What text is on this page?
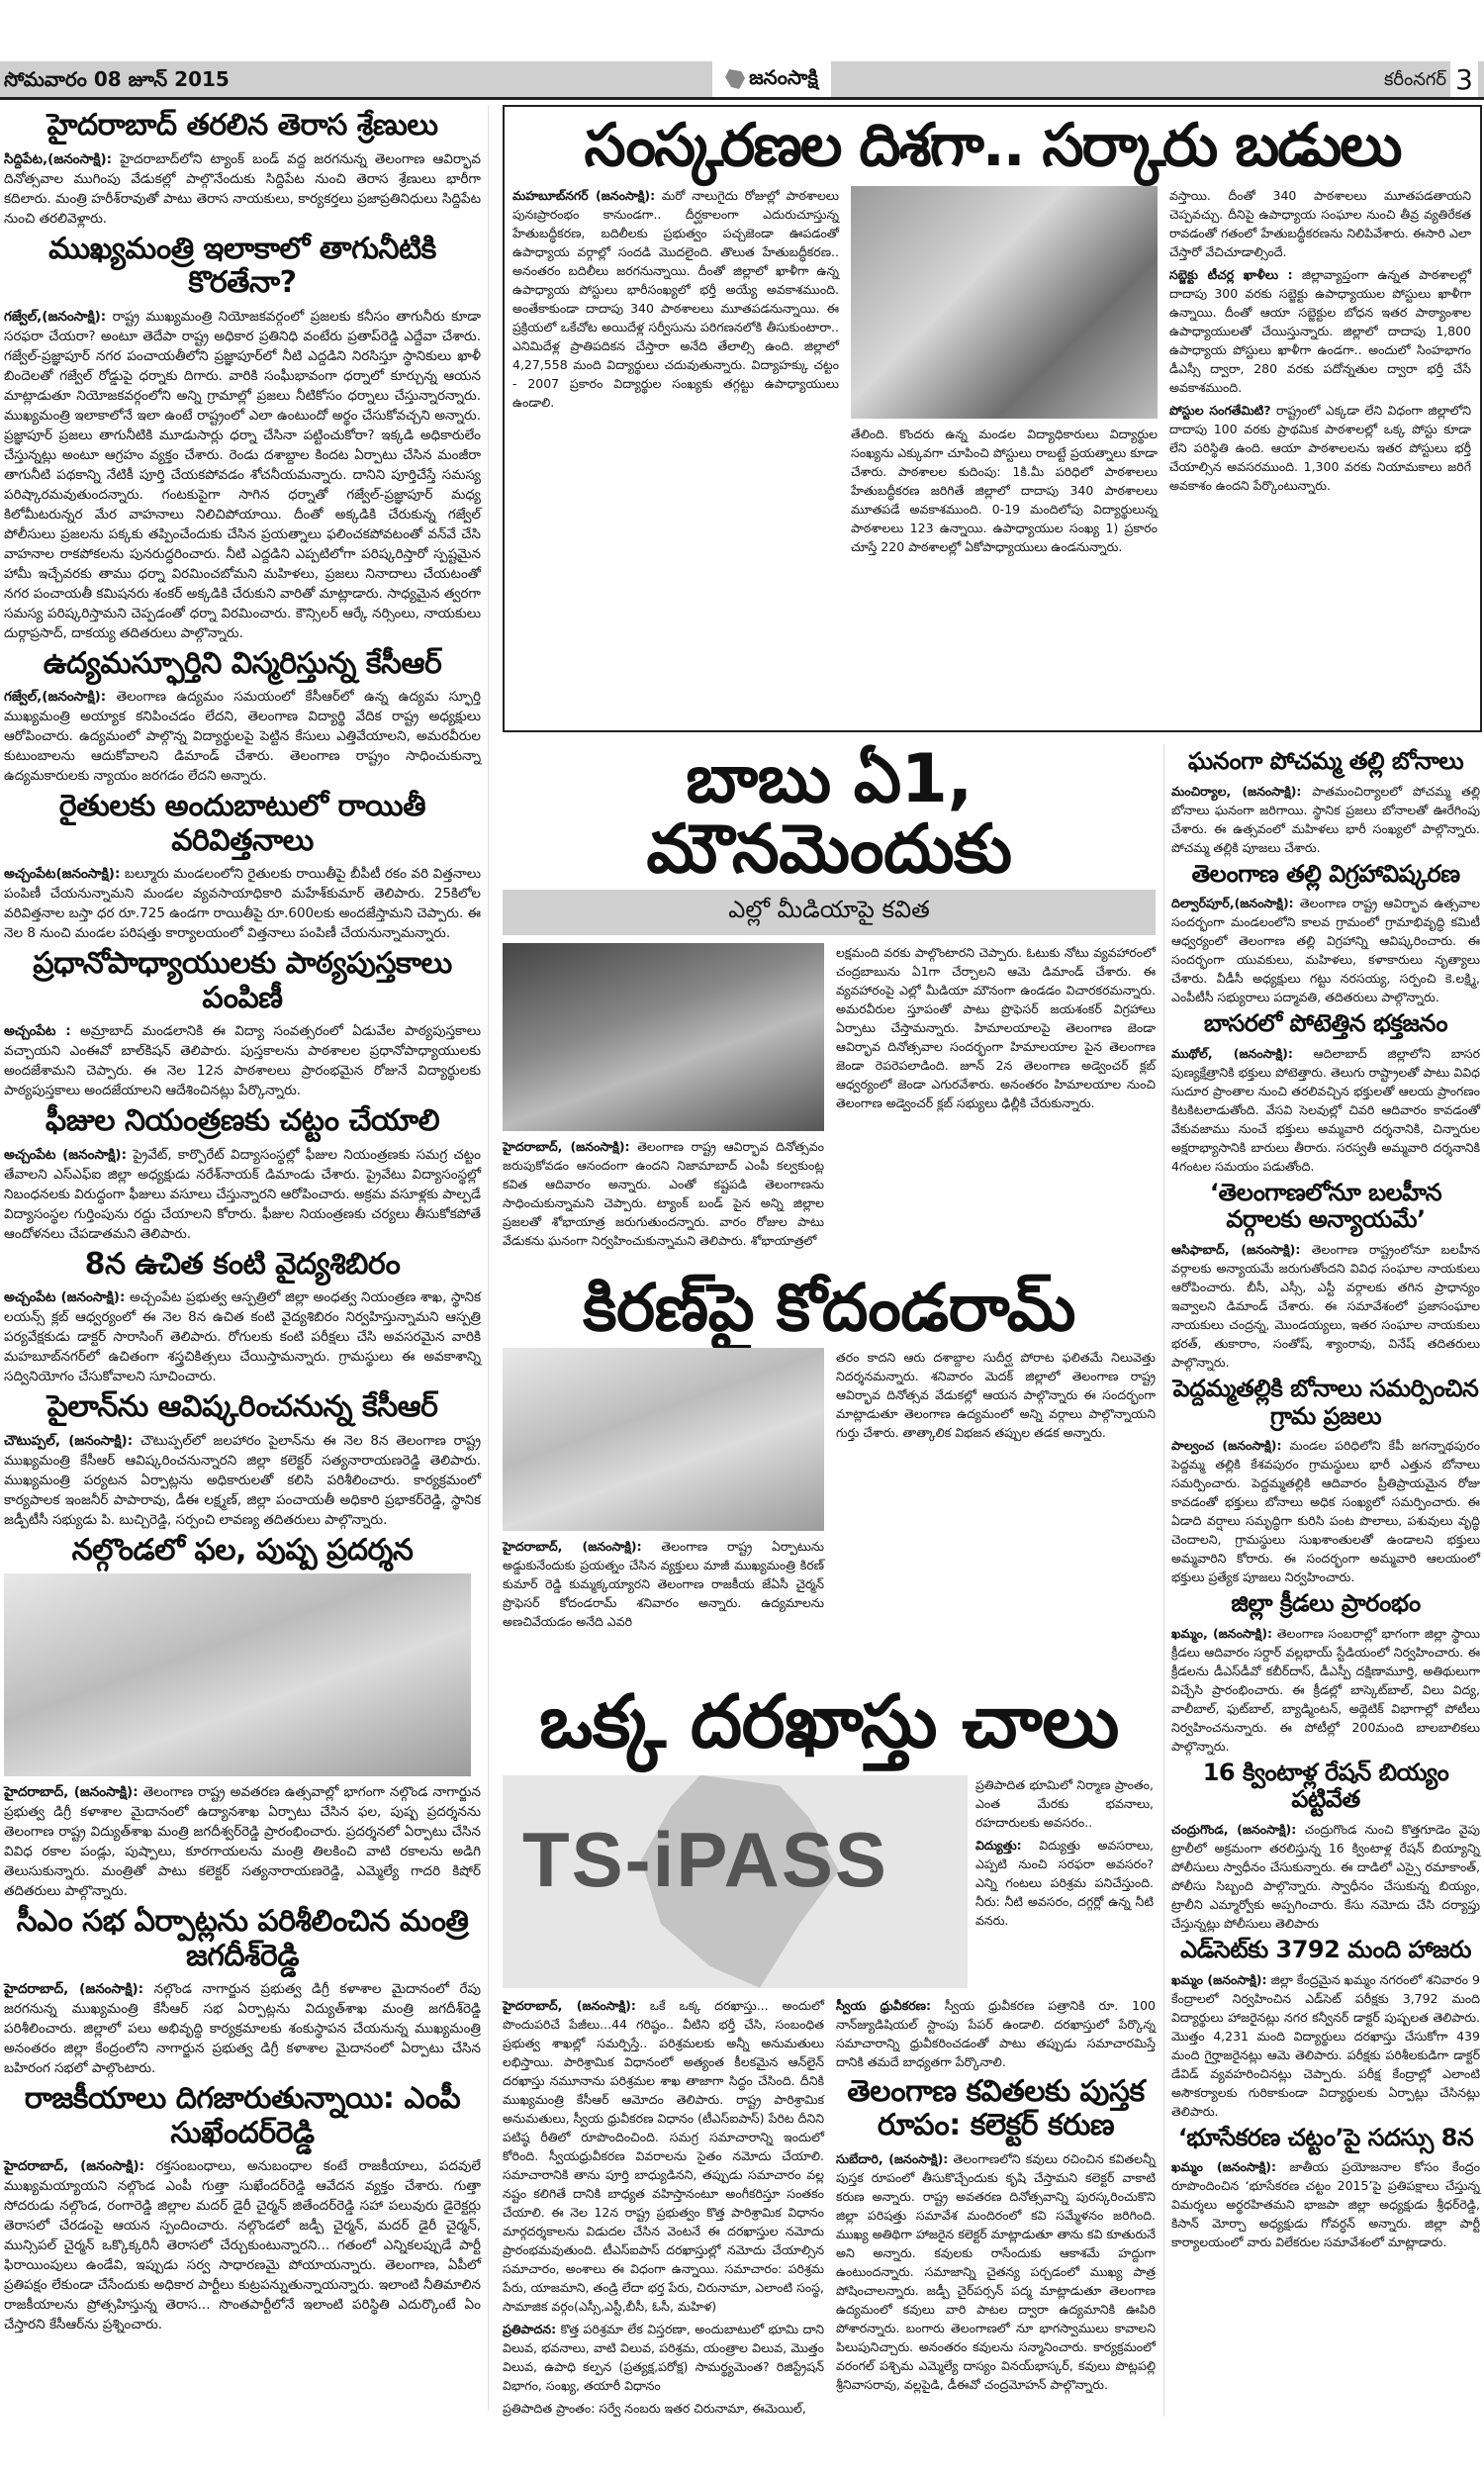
సోమవారం 08 జూన్ 2015	జనంసాక్షి	కరీంనగర్ 3
హైదరాబాద్ తరలిన తెరాస శ్రేణులు

సిద్దిపేట,(జనంసాక్షి): హైదరాబాద్‌లోని ట్యాంక్ బండ్ వద్ద జరగనున్న తెలంగాణ ఆవిర్భావ దినోత్సవాల ముగింపు వేడుకల్లో పాల్గొనేందుకు సిద్దిపేట నుంచి తెరాస శ్రేణులు భారీగా కదిలారు. మంత్రి హరీశ్‌రావుతో పాటు తెరాస నాయకులు, కార్యకర్తలు ప్రజాప్రతినిధులు సిద్దిపేట నుంచి తరలివెళ్లారు.

ముఖ్యమంత్రి ఇలాకాలో తాగునీటికి కొరతేనా?

గజ్వేల్,(జనంసాక్షి): రాష్ట్ర ముఖ్యమంత్రి నియోజకవర్గంలో ప్రజలకు కనీసం తాగునీరు కూడా సరఫరా చేయరా? అంటూ తెదేపా రాష్ట్ర అధికార ప్రతినిధి వంటేరు ప్రతాప్‌రెడ్డి ఎద్దేవా చేశారు. గజ్వేల్-ప్రజ్ఞాపూర్ నగర పంచాయతీలోని ప్రజ్ఞాపూర్‌లో నీటి ఎద్దడిని నిరసిస్తూ స్థానికులు ఖాళీ బిందెలతో గజ్వేల్ రోడ్డుపై ధర్నాకు దిగారు. వారికి సంఘీభావంగా ధర్నాలో కూర్చున్న ఆయన మాట్లాడుతూ నియోజకవర్గంలోని అన్ని గ్రామాల్లో ప్రజలు నీటికోసం ధర్నాలు చేస్తున్నారన్నారు. ముఖ్యమంత్రి ఇలాకాలోనే ఇలా ఉంటే రాష్ట్రంలో ఎలా ఉంటుందో అర్థం చేసుకోవచ్చని అన్నారు. ప్రజ్ఞాపూర్ ప్రజలు తాగునీటికి మూడుసార్లు ధర్నా చేసినా పట్టించుకోరా? ఇక్కడి అధికారులేం చేస్తున్నట్లు అంటూ ఆగ్రహం వ్యక్తం చేశారు. రెండు దశాబ్దాల కిందట ఏర్పాటు చేసిన మంజీరా తాగునీటి పథకాన్ని నేటికీ పూర్తి చేయకపోవడం శోచనీయమన్నారు. దానిని పూర్తిచేస్తే సమస్య పరిష్కారమవుతుందన్నారు. గంటకుపైగా సాగిన ధర్నాతో గజ్వేల్-ప్రజ్ఞాపూర్ మధ్య కిలోమీటరున్నర మేర వాహనాలు నిలిచిపోయాయి. దీంతో అక్కడికి చేరుకున్న గజ్వేల్ పోలీసులు ప్రజలను పక్కకు తప్పించేందుకు చేసిన ప్రయత్నాలు ఫలించకపోవటంతో వన్‌వే చేసి వాహనాల రాకపోకలను పునరుద్ధరించారు. నీటి ఎద్దడిని ఎప్పటిలోగా పరిష్కరిస్తారో స్పష్టమైన హామీ ఇచ్చేవరకు తాము ధర్నా విరమించబోమని మహిళలు, ప్రజలు నినాదాలు చేయటంతో నగర పంచాయతీ కమిషనరు శంకర్ అక్కడికి చేరుకుని వారితో మాట్లాడారు. సాధ్యమైన త్వరగా సమస్య పరిష్కరిస్తామని చెప్పడంతో ధర్నా విరమించారు. కౌన్సిలర్ ఆర్కే నర్సింలు, నాయకులు దుర్గాప్రసాద్, దాకయ్య తదితరులు పాల్గొన్నారు.

ఉద్యమస్ఫూర్తిని విస్మరిస్తున్న కేసీఆర్

గజ్వేల్,(జనంసాక్షి): తెలంగాణ ఉద్యమం సమయంలో కేసీఆర్‌లో ఉన్న ఉద్యమ స్ఫూర్తి ముఖ్యమంత్రి అయ్యాక కనిపించడం లేదని, తెలంగాణ విద్యార్థి వేదిక రాష్ట్ర అధ్యక్షులు ఆరోపించారు. ఉద్యమంలో పాల్గొన్న విద్యార్థులపై పెట్టిన కేసులు ఎత్తివేయాలని, అమరవీరుల కుటుంబాలను ఆదుకోవాలని డిమాండ్ చేశారు. తెలంగాణ రాష్ట్రం సాధించుకున్నా ఉద్యమకారులకు న్యాయం జరగడం లేదని అన్నారు.

రైతులకు అందుబాటులో రాయితీ వరివిత్తనాలు

అచ్చంపేట(జనంసాక్షి): బల్మూరు మండలంలోని రైతులకు రాయితీపై బీపీటీ రకం వరి విత్తనాలు పంపిణీ చేయనున్నామని మండల వ్యవసాయాధికారి మహేశ్‌కుమార్ తెలిపారు. 25కిలోల వరివిత్తనాల బస్తా ధర రూ.725 ఉండగా రాయితీపై రూ.600లకు అందజేస్తామని చెప్పారు. ఈ నెల 8 నుంచి మండల పరిషత్తు కార్యాలయంలో విత్తనాలు పంపిణీ చేయనున్నామన్నారు.

ప్రధానోపాధ్యాయులకు పాఠ్యపుస్తకాలు పంపిణీ

అచ్చంపేట : అమ్రాబాద్ మండలానికి ఈ విద్యా సంవత్సరంలో ఏడువేల పాఠ్యపుస్తకాలు వచ్చాయని ఎంఈవో బాల్‌కిషన్ తెలిపారు. పుస్తకాలను పాఠశాలల ప్రధానోపాధ్యాయులకు అందజేశామని చెప్పారు. ఈ నెల 12న పాఠశాలలు ప్రారంభమైన రోజునే విద్యార్థులకు పాఠ్యపుస్తకాలు అందజేయాలని ఆదేశించినట్లు పేర్కొన్నారు.

ఫీజుల నియంత్రణకు చట్టం చేయాలి

అచ్చంపేట (జనంసాక్షి): ప్రైవేట్, కార్పొరేట్ విద్యాసంస్థల్లో ఫీజుల నియంత్రణకు సమగ్ర చట్టం తేవాలని ఎస్‌ఎఫ్‌ఐ జిల్లా అధ్యక్షుడు నరేశ్‌నాయక్ డిమాండు చేశారు. ప్రైవేటు విద్యాసంస్థల్లో నిబంధనలకు విరుద్ధంగా ఫీజులు వసూలు చేస్తున్నారని ఆరోపించారు. అక్రమ వసూళ్లకు పాల్పడే విద్యాసంస్థల గుర్తింపును రద్దు చేయాలని కోరారు. ఫీజుల నియంత్రణకు చర్యలు తీసుకోకపోతే ఆందోళనలు చేపడాతమని తెలిపారు.

8న ఉచిత కంటి వైద్యశిబిరం

అచ్చంపేట (జనంసాక్షి): అచ్చంపేట ప్రభుత్వ ఆస్పత్రిలో జిల్లా అంధత్వ నియంత్రణ శాఖ, స్థానిక లయన్స్ క్లబ్ ఆధ్వర్యంలో ఈ నెల 8న ఉచిత కంటి వైద్యశిబిరం నిర్వహిస్తున్నామని ఆస్పత్రి పర్యవేక్షకుడు డాక్టర్ సారాసింగ్ తెలిపారు. రోగులకు కంటి పరీక్షలు చేసి అవసరమైన వారికి మహబూబ్‌నగర్‌లో ఉచితంగా శస్త్రచికిత్సలు చేయిస్తామన్నారు. గ్రామస్థులు ఈ అవకాశాన్ని సద్వినియోగం చేసుకోవాలని సూచించారు.

పైలాన్‌ను ఆవిష్కరించనున్న కేసీఆర్

చౌటుప్పల్, (జనంసాక్షి): చౌటుప్పల్‌లో జలహారం పైలాన్‌ను ఈ నెల 8న తెలంగాణ రాష్ట్ర ముఖ్యమంత్రి కేసీఆర్ ఆవిష్కరించనున్నారని జిల్లా కలెక్టర్ సత్యనారాయణరెడ్డి తెలిపారు. ముఖ్యమంత్రి పర్యటన ఏర్పాట్లను అధికారులతో కలిసి పరిశీలించారు. కార్యక్రమంలో కార్యపాలక ఇంజనీర్ పాపారావు, డీఈ లక్ష్మణ్, జిల్లా పంచాయతీ అధికారి ప్రభాకర్‌రెడ్డి, స్థానిక జడ్పీటీసీ సభ్యుడు పి. బుచ్చిరెడ్డి, సర్పంచి లావణ్య తదితరులు పాల్గొన్నారు.

నల్గొండలో ఫల, పుష్ప ప్రదర్శన

హైదరాబాద్, (జనంసాక్షి): తెలంగాణ రాష్ట్ర అవతరణ ఉత్సవాల్లో భాగంగా నల్గొండ నాగార్జున ప్రభుత్వ డిగ్రీ కళాశాల మైదానంలో ఉద్యానశాఖ ఏర్పాటు చేసిన ఫల, పుష్ప ప్రదర్శనను తెలంగాణ రాష్ట్ర విద్యుత్‌శాఖ మంత్రి జగదీశ్వర్‌రెడ్డి ప్రారంభించారు. ప్రదర్శనలో ఏర్పాటు చేసిన వివిధ రకాల పండ్లు, పుష్పాలు, కూరగాయలను మంత్రి తిలకించి వాటి రకాలను అడిగి తెలుసుకున్నారు. మంత్రితో పాటు కలెక్టర్ సత్యనారాయణరెడ్డి, ఎమ్మెల్యే గాదరి కిషోర్ తదితరులు పాల్గొన్నారు.

సీఎం సభ ఏర్పాట్లను పరిశీలించిన మంత్రి జగదీశ్‌రెడ్డి

హైదరాబాద్, (జనంసాక్షి): నల్గొండ నాగార్జున ప్రభుత్వ డిగ్రీ కళాశాల మైదానంలో రేపు జరగనున్న ముఖ్యమంత్రి కేసీఆర్ సభ ఏర్పాట్లను విద్యుత్‌శాఖ మంత్రి జగదీశ్‌రెడ్డి పరిశీలించారు. జిల్లాలో పలు అభివృద్ధి కార్యక్రమాలకు శంకుస్థాపన చేయనున్న ముఖ్యమంత్రి అనంతరం జిల్లా కేంద్రంలోని నాగార్జున ప్రభుత్వ డిగ్రీ కళాశాల మైదానంలో ఏర్పాటు చేసిన బహిరంగ సభలో పాల్గొంటారు.

రాజకీయాలు దిగజారుతున్నాయి: ఎంపీ సుఖేందర్‌రెడ్డి

హైదరాబాద్, (జనంసాక్షి): రక్తసంబంధాలు, అనుబంధాల కంటే రాజకీయాలు, పదవులే ముఖ్యమయ్యాయని నల్గొండ ఎంపీ గుత్తా సుఖేందర్‌రెడ్డి ఆవేదన వ్యక్తం చేశారు. గుత్తా సోదరుడు నల్గొండ, రంగారెడ్డి జిల్లాల మదర్ డైరీ చైర్మన్ జితేందర్‌రెడ్డి సహా పలువురు డైరెక్టర్లు తెరాసలో చేరడంపై ఆయన స్పందించారు. నల్గొండలో జడ్పీ చైర్మన్, మదర్ డైరీ చైర్మన్, మున్సిపల్ చైర్మన్ ఒక్కొక్కరినీ తెరాసలో చేర్చుకుంటున్నారని... గతంలో ఎన్నికలప్పుడే పార్టీ ఫిరాయింపులు ఉండేవి, ఇప్పుడు సర్వ సాధారణమై పోయాయన్నారు. తెలంగాణ, ఏపీలో ప్రతిపక్షం లేకుండా చేసేందుకు అధికార పార్టీలు కుట్రపన్నుతున్నాయన్నారు. ఇలాంటి నీతిమాలిన రాజకీయాలను ప్రోత్సహిస్తున్న తెరాస... సొంతపార్టీలోనే ఇలాంటి పరిస్థితి ఎదుర్కొంటే ఏం చేస్తారని కేసీఆర్‌ను ప్రశ్నించారు.

సంస్కరణల దిశగా.. సర్కారు బడులు

మహబూబ్‌నగర్ (జనంసాక్షి): మరో నాలుగైదు రోజుల్లో పాఠశాలలు పునఃప్రారంభం కానుండగా.. దీర్ఘకాలంగా ఎదురుచూస్తున్న హేతుబద్ధీకరణ, బదిలీలకు ప్రభుత్వం పచ్చజెండా ఊపడంతో ఉపాధ్యాయ వర్గాల్లో సందడి మొదలైంది. తొలుత హేతుబద్ధీకరణ.. అనంతరం బదిలీలు జరగనున్నాయి. దీంతో జిల్లాలో ఖాళీగా ఉన్న ఉపాధ్యాయ పోస్టులు భారీసంఖ్యలో భర్తీ అయ్యే అవకాశముంది. అంతేకాకుండా దాదాపు 340 పాఠశాలలు మూతపడనున్నాయి. ఈ ప్రక్రియలో ఒకేచోట అయిదేళ్ల సర్వీసును పరిగణనలోకి తీసుకుంటారా.. ఎనిమిదేళ్ల ప్రాతిపదికన చేస్తారా అనేది తేలాల్సి ఉంది. జిల్లాలో 4,27,558 మంది విద్యార్థులు చదువుతున్నారు. విద్యాహక్కు చట్టం - 2007 ప్రకారం విద్యార్థుల సంఖ్యకు తగ్గట్టు ఉపాధ్యాయులు ఉండాలి.

తేలింది. కొందరు ఉన్న మండల విద్యాధికారులు విద్యార్థుల సంఖ్యను ఎక్కువగా చూపించి పోస్టులు రాబట్టే ప్రయత్నాలు కూడా చేశారు. పాఠశాలల కుదింపు: 1కి.మీ పరిధిలో పాఠశాలలు హేతుబద్ధీకరణ జరిగితే జిల్లాలో దాదాపు 340 పాఠశాలలు మూతపడే అవకాశముంది. 0-19 మందిలోపు విద్యార్థులున్న పాఠశాలలు 123 ఉన్నాయి. ఉపాధ్యాయుల సంఖ్య 1) ప్రకారం చూస్తే 220 పాఠశాలల్లో ఏకోపాధ్యాయులు ఉండనున్నారు.

వస్తాయి. దీంతో 340 పాఠశాలలు మూతపడతాయని చెప్పవచ్చు. దీనిపై ఉపాధ్యాయ సంఘాల నుంచి తీవ్ర వ్యతిరేకత రావడంతో గతంలో హేతుబద్ధీకరణను నిలిపివేశారు. ఈసారి ఎలా చేస్తారో వేచిచూడాల్సిందే.

సబ్జెక్టు టీచర్ల ఖాళీలు : జిల్లావ్యాప్తంగా ఉన్నత పాఠశాలల్లో దాదాపు 300 వరకు సబ్జెక్టు ఉపాధ్యాయుల పోస్టులు ఖాళీగా ఉన్నాయి. దీంతో ఆయా సబ్జెక్టుల బోధన ఇతర పాఠ్యాంశాల ఉపాధ్యాయులతో చేయిస్తున్నారు. జిల్లాలో దాదాపు 1,800 ఉపాధ్యాయ పోస్టులు ఖాళీగా ఉండగా.. అందులో సింహభాగం డీఎస్సీ ద్వారా, 280 వరకు పదోన్నతుల ద్వారా భర్తీ చేసే అవకాశముంది.

పోస్టుల సంగతేమిటి? రాష్ట్రంలో ఎక్కడా లేని విధంగా జిల్లాలోని దాదాపు 100 వరకు ప్రాథమిక పాఠశాలల్లో ఒక్క పోస్టు కూడా లేని పరిస్థితి ఉంది. ఆయా పాఠశాలలను ఇతర పోస్టులు భర్తీ చేయాల్సిన అవసరముంది. 1,300 వరకు నియామకాలు జరిగే అవకాశం ఉందని పేర్కొంటున్నారు.

బాబు ఏ1, మౌనమెందుకు
ఎల్లో మీడియాపై కవిత

హైదరాబాద్, (జనంసాక్షి): తెలంగాణ రాష్ట్ర ఆవిర్భావ దినోత్సవం జరుపుకోవడం ఆనందంగా ఉందని నిజామాబాద్ ఎంపీ కల్వకుంట్ల కవిత ఆదివారం అన్నారు. ఎంతో కష్టపడి తెలంగాణను సాధించుకున్నామని చెప్పారు. ట్యాంక్ బండ్ పైన అన్ని జిల్లాల ప్రజలతో శోభాయాత్ర జరుగుతుందన్నారు. వారం రోజుల పాటు వేడుకను ఘనంగా నిర్వహించుకున్నామని తెలిపారు. శోభాయాత్రలో

లక్షమంది వరకు పాల్గొంటారని చెప్పారు. ఓటుకు నోటు వ్యవహారంలో చంద్రబాబును ఏ1గా చేర్చాలని ఆమె డిమాండ్ చేశారు. ఈ వ్యవహారంపై ఎల్లో మీడియా మౌనంగా ఉండడం విచారకరమన్నారు. అమరవీరుల స్తూపంతో పాటు ప్రొఫెసర్ జయశంకర్ విగ్రహాలు ఏర్పాటు చేస్తామన్నారు. హిమాలయాలపై తెలంగాణ జెండా ఆవిర్భావ దినోత్సవాల సందర్భంగా హిమాలయాల పైన తెలంగాణ జెండా రెపరెపలాడింది. జూన్ 2న తెలంగాణ అడ్వెంచర్ క్లబ్ ఆధ్వర్యంలో జెండా ఎగురవేశారు. అనంతరం హిమాలయాల నుంచి తెలంగాణ అడ్వెంచర్ క్లబ్ సభ్యులు ఢిల్లీకి చేరుకున్నారు.

కిరణ్‌పై కోదండరామ్

హైదరాబాద్, (జనంసాక్షి): తెలంగాణ రాష్ట్ర ఏర్పాటును అడ్డుకునేందుకు ప్రయత్నం చేసిన వ్యక్తులు మాజీ ముఖ్యమంత్రి కిరణ్ కుమార్ రెడ్డి కుమ్మక్కయ్యారని తెలంగాణ రాజకీయ జేఏసీ చైర్మన్ ప్రొఫెసర్ కోదండరామ్ శనివారం అన్నారు. ఉద్యమాలను అణచివేయడం అనేది ఎవరి

తరం కాదని ఆరు దశాబ్దాల సుదీర్ఘ పోరాట ఫలితమే నిలువెత్తు నిదర్శనమన్నారు. శనివారం మెదక్ జిల్లాలో తెలంగాణ రాష్ట్ర ఆవిర్భావ దినోత్సవ వేడుకల్లో ఆయన పాల్గొన్నారు ఈ సందర్భంగా మాట్లాడుతూ తెలంగాణ ఉద్యమంలో అన్ని వర్గాలు పాల్గొన్నాయని గుర్తు చేశారు. తాత్కాలిక విభజన తప్పుల తడక అన్నారు.

ఒక్క దరఖాస్తు చాలు
TS-iPASS

ప్రతిపాదిత భూమిలో నిర్మాణ ప్రాంతం, ఎంత మేరకు భవనాలు, రహదారులకు అవసరం..

విద్యుత్తు: విద్యుత్తు అవసరాలు, ఎప్పటి నుంచి సరఫరా అవసరం? ఎన్ని గంటలు పరిశ్రమ పనిచేస్తుంది. నీరు: నీటి అవసరం, దగ్గర్లో ఉన్న నీటి వనరు.

హైదరాబాద్, (జనంసాక్షి): ఒకే ఒక్క దరఖాస్తు... అందులో పొందుపరిచే పేజీలు...44 గరిష్ఠం.. వీటిని భర్తీ చేసి, సంబంధిత ప్రభుత్వ శాఖల్లో సమర్పిస్తే.. పరిశ్రమలకు అన్నీ అనుమతులు లభిస్తాయి. పారిశ్రామిక విధానంలో అత్యంత కీలకమైన ఆన్‌లైన్ దరఖాస్తు నమూనాను పరిశ్రమల శాఖ తాజాగా సిద్ధం చేసింది. దీనికి ముఖ్యమంత్రి కేసీఆర్ ఆమోదం తెలిపారు. రాష్ట్ర పారిశ్రామిక అనుమతులు, స్వీయ ధ్రువీకరణ విధానం (టీఎస్‌ఐపాస్) పేరిట దీనిని పటిష్ఠ రీతిలో రూపొందించింది. సమగ్ర సమాచారాన్ని ఇందులో కోరింది. స్వీయధ్రువీకరణ వివరాలను సైతం నమోదు చేయాలి. సమాచారానికి తాను పూర్తి బాధ్యుడినని, తప్పుడు సమాచారం వల్ల నష్టం కలిగితే దానికి బాధ్యత వహిస్తానంటూ అంగీకరిస్తూ సంతకం చేయాలి. ఈ నెల 12న రాష్ట్ర ప్రభుత్వం కొత్త పారిశ్రామిక విధానం మార్గదర్శకాలను విడుదల చేసిన వెంటనే ఈ దరఖాస్తుల నమోదు ప్రారంభమవుతుంది. టీఎస్‌ఐపాస్ దరఖాస్తుల్లో నమోదు చేయాల్సిన సమాచారం, అంశాలు ఈ విధంగా ఉన్నాయి. సమాచారం: పరిశ్రమ పేరు, యాజమాని, తండ్రి లేదా భర్త పేరు, చిరునామా, ఎలాంటి సంస్థ, సామాజిక వర్గం(ఎస్సీ,ఎస్టీ,బీసీ, ఓసీ, మహిళ)

ప్రతిపాదన: కొత్త పరిశ్రమా లేక విస్తరణా, అందుబాటులో భూమి దాని విలువ, భవనాలు, వాటి విలువ, పరిశ్రమ, యంత్రాల విలువ, మొత్తం విలువ, ఉపాధి కల్పన (ప్రత్యక్ష,పరోక్ష) సామర్థ్యమెంత? రిజిస్ట్రేషన్ విభాగం, సంఖ్య, తయారీ విధానం

ప్రతిపాదిత ప్రాంతం: సర్వే నంబరు ఇతర చిరునామా, ఈమెయిల్,

స్వీయ ధ్రువీకరణ: స్వీయ ధ్రువీకరణ పత్రానికి రూ. 100 నాన్‌జ్యుడిషియల్ స్టాంపు పేపర్ ఉండాలి. దరఖాస్తులో పేర్కొన్న సమాచారాన్ని ధ్రువీకరించడంతో పాటు తప్పుడు సమాచారమిస్తే దానికి తమదే బాధ్యతగా పేర్కొనాలి.

తెలంగాణ కవితలకు పుస్తక రూపం: కలెక్టర్ కరుణ

సుబేదారి, (జనంసాక్షి): తెలంగాణలోని కవులు రచించిన కవితలన్నీ పుస్తక రూపంలో తీసుకొచ్చేందుకు కృషి చేస్తామని కలెక్టర్ వాకాటి కరుణ అన్నారు. రాష్ట్ర అవతరణ దినోత్సవాన్ని పురస్కరించుకొని జిల్లా పరిషత్తు సమావేశ మందిరంలో కవి సమ్మేళనం జరిగింది. ముఖ్య అతిథిగా హాజరైన కలెక్టర్ మాట్లాడుతూ తాను కవి కూతురునే అని అన్నారు. కవులకు రాసేందుకు ఆకాశమే హద్దుగా ఉంటుందన్నారు. సమాజాన్ని చైతన్య పర్చడంలో ముఖ్య పాత్ర పోషించాలన్నారు. జడ్పీ చైర్‌పర్సన్ పద్మ మాట్లాడుతూ తెలంగాణ ఉద్యమంలో కవులు వారి పాటల ద్వారా ఉద్యమానికి ఊపిరి పోశారన్నారు. బంగారు తెలంగాణలో నూ భాగస్వాములు కావాలని పిలుపునిచ్చారు. అనంతరం కవులను సన్మానించారు. కార్యక్రమంలో వరంగల్ పశ్చిమ ఎమ్మెల్యే దాస్యం వినయ్‌భాస్కర్, కవులు పొట్లపల్లి శ్రీనివాసరావు, వల్లపైడి, డీఈవో చంద్రమోహన్ పాల్గొన్నారు.

ఘనంగా పోచమ్మ తల్లి బోనాలు

మంచిర్యాల, (జనంసాక్షి): పాతమంచిర్యాలలో పోచమ్మ తల్లి బోనాలు ఘనంగా జరిగాయి. స్థానిక ప్రజలు బోనాలతో ఊరేగింపు చేశారు. ఈ ఉత్సవంలో మహిళలు భారీ సంఖ్యలో పాల్గొన్నారు. పోచమ్మ తల్లికి పూజలు చేశారు.

తెలంగాణ తల్లి విగ్రహావిష్కరణ

దిల్వార్‌పూర్,(జనంసాక్షి): తెలంగాణ రాష్ట్ర ఆవిర్భావ ఉత్సవాల సందర్భంగా మండలంలోని కాలవ గ్రామంలో గ్రామాభివృద్ధి కమిటీ ఆధ్వర్యంలో తెలంగాణ తల్లి విగ్రహాన్ని ఆవిష్కరించారు. ఈ సందర్భంగా యువకులు, మహిళలు, కళాకారులు నృత్యాలు చేశారు. వీడీసీ అధ్యక్షులు గట్టు నరసయ్య, సర్పంచి కె.లక్ష్మి, ఎంపీటీసీ సభ్యురాలు పద్మావతి, తదితరులు పాల్గొన్నారు.

బాసరలో పోటెత్తిన భక్తజనం

ముథోల్, (జనంసాక్షి): ఆదిలాబాద్ జిల్లాలోని బాసర పుణ్యక్షేత్రానికి భక్తులు పోటెత్తారు. తెలుగు రాష్ట్రాలతో పాటు వివిధ సుదూర ప్రాంతాల నుంచి తరలివచ్చిన భక్తులతో ఆలయ ప్రాంగణం కిటకిటలాడుతోంది. వేసవి సెలవుల్లో చివరి ఆదివారం కావడంతో వేకువజాము నుంచే భక్తులు అమ్మవారి దర్శనానికి, చిన్నారుల అక్షరాభ్యాసానికి బారులు తీరారు. సరస్వతీ అమ్మవారి దర్శనానికి 4గంటల సమయం పడుతోంది.

‘తెలంగాణలోనూ బలహీన వర్గాలకు అన్యాయమే’

ఆసిఫాబాద్, (జనంసాక్షి): తెలంగాణ రాష్ట్రంలోనూ బలహీన వర్గాలకు అన్యాయమే జరుగుతోందని వివిధ సంఘాల నాయకులు ఆరోపించారు. బీసీ, ఎస్సీ, ఎస్టీ వర్గాలకు తగిన ప్రాధాన్యం ఇవ్వాలని డిమాండ్ చేశారు. ఈ సమావేశంలో ప్రజాసంఘాల నాయకులు చంద్రన్న, మొండయ్యలు, ఇతర సంఘాల నాయకులు భరత్, తుకారాం, సంతోష్, శ్యాంరావు, వినేష్ తదితరులు పాల్గొన్నారు.

పెద్దమ్మతల్లికి బోనాలు సమర్పించిన గ్రామ ప్రజలు

పాల్వంచ (జనంసాక్షి): మండల పరిధిలోని కేపీ జగన్నాథపురం పెద్దమ్మ తల్లికి కేశవపురం గ్రామస్థులు భారీ ఎత్తున బోనాలు సమర్పించారు. పెద్దమ్మతల్లికి ఆదివారం ప్రీతిప్రాయమైన రోజు కావడంతో భక్తులు బోనాలు అధిక సంఖ్యలో సమర్పించారు. ఈ ఏడాది వర్షాలు సమృద్ధిగా కురిసి పంట పొలాలు, పశువులు వృద్ధి చెందాలని, గ్రామస్థులు సుఖశాంతులతో ఉండాలని భక్తులు అమ్మవారిని కోరారు. ఈ సందర్భంగా అమ్మవారి ఆలయంలో భక్తులు ప్రత్యేక పూజలు నిర్వహించారు.

జిల్లా క్రీడలు ప్రారంభం

ఖమ్మం, (జనంసాక్షి): తెలంగాణ సంబరాల్లో భాగంగా జిల్లా స్థాయి క్రీడలు ఆదివారం సర్దార్ వల్లభాయ్ స్టేడియంలో నిర్వహించారు. ఈ క్రీడలను డీఎస్‌డీవో కబీర్‌దాస్, డీఎస్పీ దక్షిణామూర్తి, అతిథులుగా విచ్చేసి ప్రారంభించారు. ఈ క్రీడల్లో బాస్కెట్‌బాల్, విలు విద్య, వాలీబాల్, ఫుట్‌బాల్, బ్యాడ్మింటన్, అథ్లెటిక్ విభాగాల్లో పోటీలు నిర్వహించనున్నారు. ఈ పోటీల్లో 200మంది బాలబాలికలు పాల్గొన్నారు.

16 క్వింటాళ్ల రేషన్ బియ్యం పట్టివేత

చంద్రుగొండ, (జనంసాక్షి): చంద్రుగొండ నుంచి కొత్తగూడెం వైపు ట్రాలీలో అక్రమంగా తరలిస్తున్న 16 క్వింటాళ్ల రేషన్ బియ్యాన్ని పోలీసులు స్వాధీనం చేసుకున్నారు. ఈ దాడిలో ఎస్సై రమాకాంత్, పోలీసు సిబ్బంది పాల్గొన్నారు. స్వాధీనం చేసుకున్న బియ్యం, ట్రాలీని ఎమ్మార్వోకు అప్పగించారు. కేసు నమోదు చేసి దర్యాప్తు చేస్తున్నట్లు పోలీసులు తెలిపారు

ఎడ్‌సెట్‌కు 3792 మంది హాజరు

ఖమ్మం (జనంసాక్షి): జిల్లా కేంద్రమైన ఖమ్మం నగరంలో శనివారం 9 కేంద్రాలలో నిర్వహించిన ఎడ్‌సెట్ పరీక్షకు 3,792 మంది విద్యార్థులు హాజరైనట్లు నగర కన్వీనర్ డాక్టర్ పుష్పలత తెలిపారు. మొత్తం 4,231 మంది విద్యార్థులు దరఖాస్తు చేసుకోగా 439 మంది గైర్హాజరైనట్లు ఆమె తెలిపారు. పరీక్షకు పరిశీలకుడిగా డాక్టర్ డేవిడ్ వ్యవహరించినట్లు చెప్పారు. పరీక్ష కేంద్రాల్లో ఎలాంటి అసౌకర్యాలకు గురికాకుండా విద్యార్థులకు ఏర్పాట్లు చేసినట్లు తెలిపారు.

‘భూసేకరణ చట్టం’పై సదస్సు 8న

ఖమ్మం (జనంసాక్షి): జాతీయ ప్రయోజనాల కోసం కేంద్రం రూపొందించిన ‘భూసేకరణ చట్టం 2015’పై ప్రతిపక్షాలు చేస్తున్న విమర్శలు అర్థరహితమని భాజపా జిల్లా అధ్యక్షుడు శ్రీధర్‌రెడ్డి, కిసాన్ మోర్చా అధ్యక్షుడు గోవర్ధన్ అన్నారు. జిల్లా పార్టీ కార్యాలయంలో వారు విలేకరుల సమావేశంలో మాట్లాడారు.
